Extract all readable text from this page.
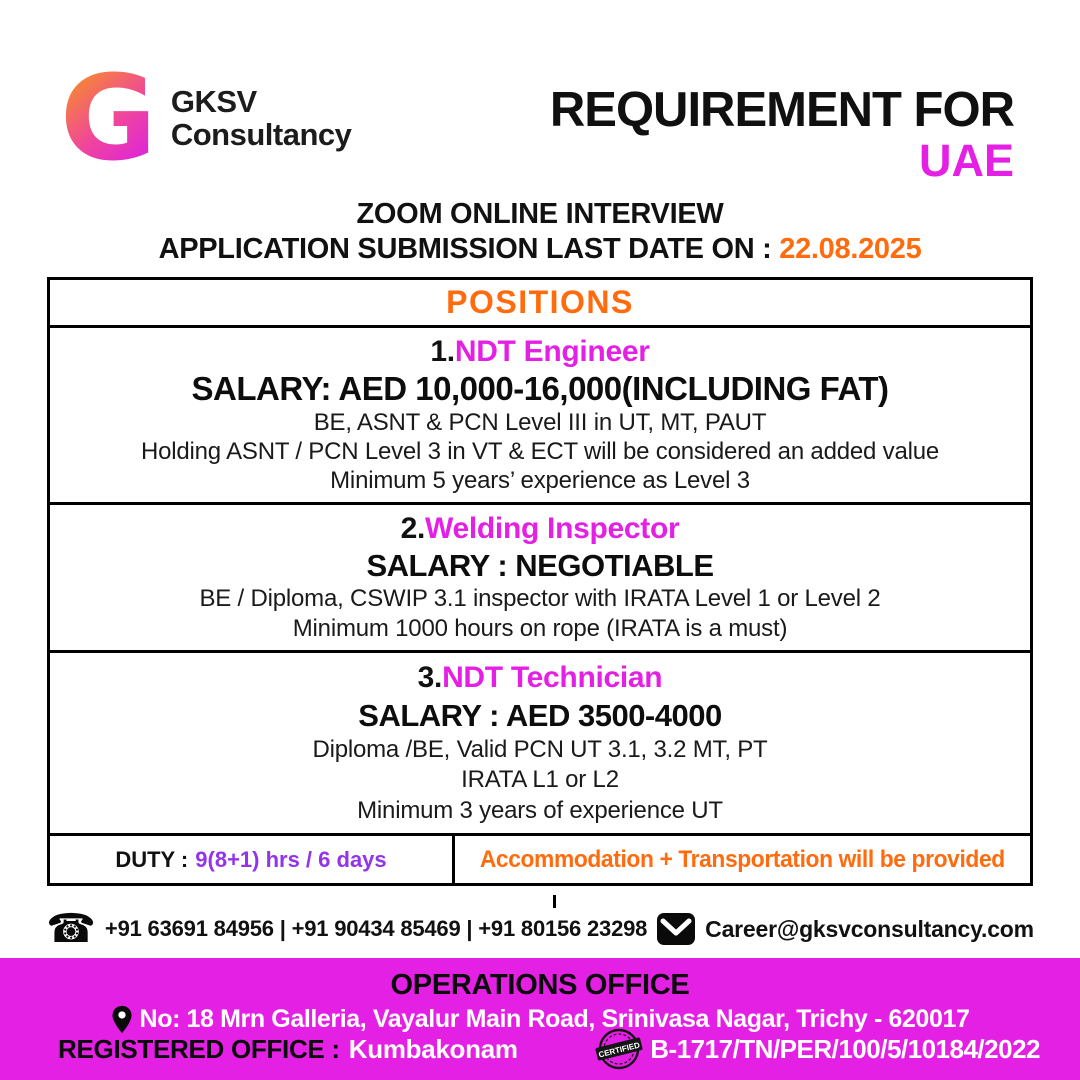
G GKSV
Consultancy	REQUIREMENT FOR
UAE
ZOOM ONLINE INTERVIEW
APPLICATION SUBMISSION LAST DATE ON : 22.08.2025
POSITIONS
1.NDT Engineer
SALARY: AED 10,000-16,000(INCLUDING FAT)
BE, ASNT & PCN Level III in UT, MT, PAUT
Holding ASNT / PCN Level 3 in VT & ECT will be considered an added value
Minimum 5 years’ experience as Level 3
2.Welding Inspector
SALARY : NEGOTIABLE
BE / Diploma, CSWIP 3.1 inspector with IRATA Level 1 or Level 2
Minimum 1000 hours on rope (IRATA is a must)
3.NDT Technician
SALARY : AED 3500-4000
Diploma /BE, Valid PCN UT 3.1, 3.2 MT, PT
IRATA L1 or L2
Minimum 3 years of experience UT
DUTY : 9(8+1) hrs / 6 days	Accommodation + Transportation will be provided
☎ +91 63691 84956 | +91 90434 85469 | +91 80156 23298	Career@gksvconsultancy.com
OPERATIONS OFFICE
No: 18 Mrn Galleria, Vayalur Main Road, Srinivasa Nagar, Trichy - 620017
REGISTERED OFFICE : Kumbakonam	CERTIFIED B-1717/TN/PER/100/5/10184/2022
